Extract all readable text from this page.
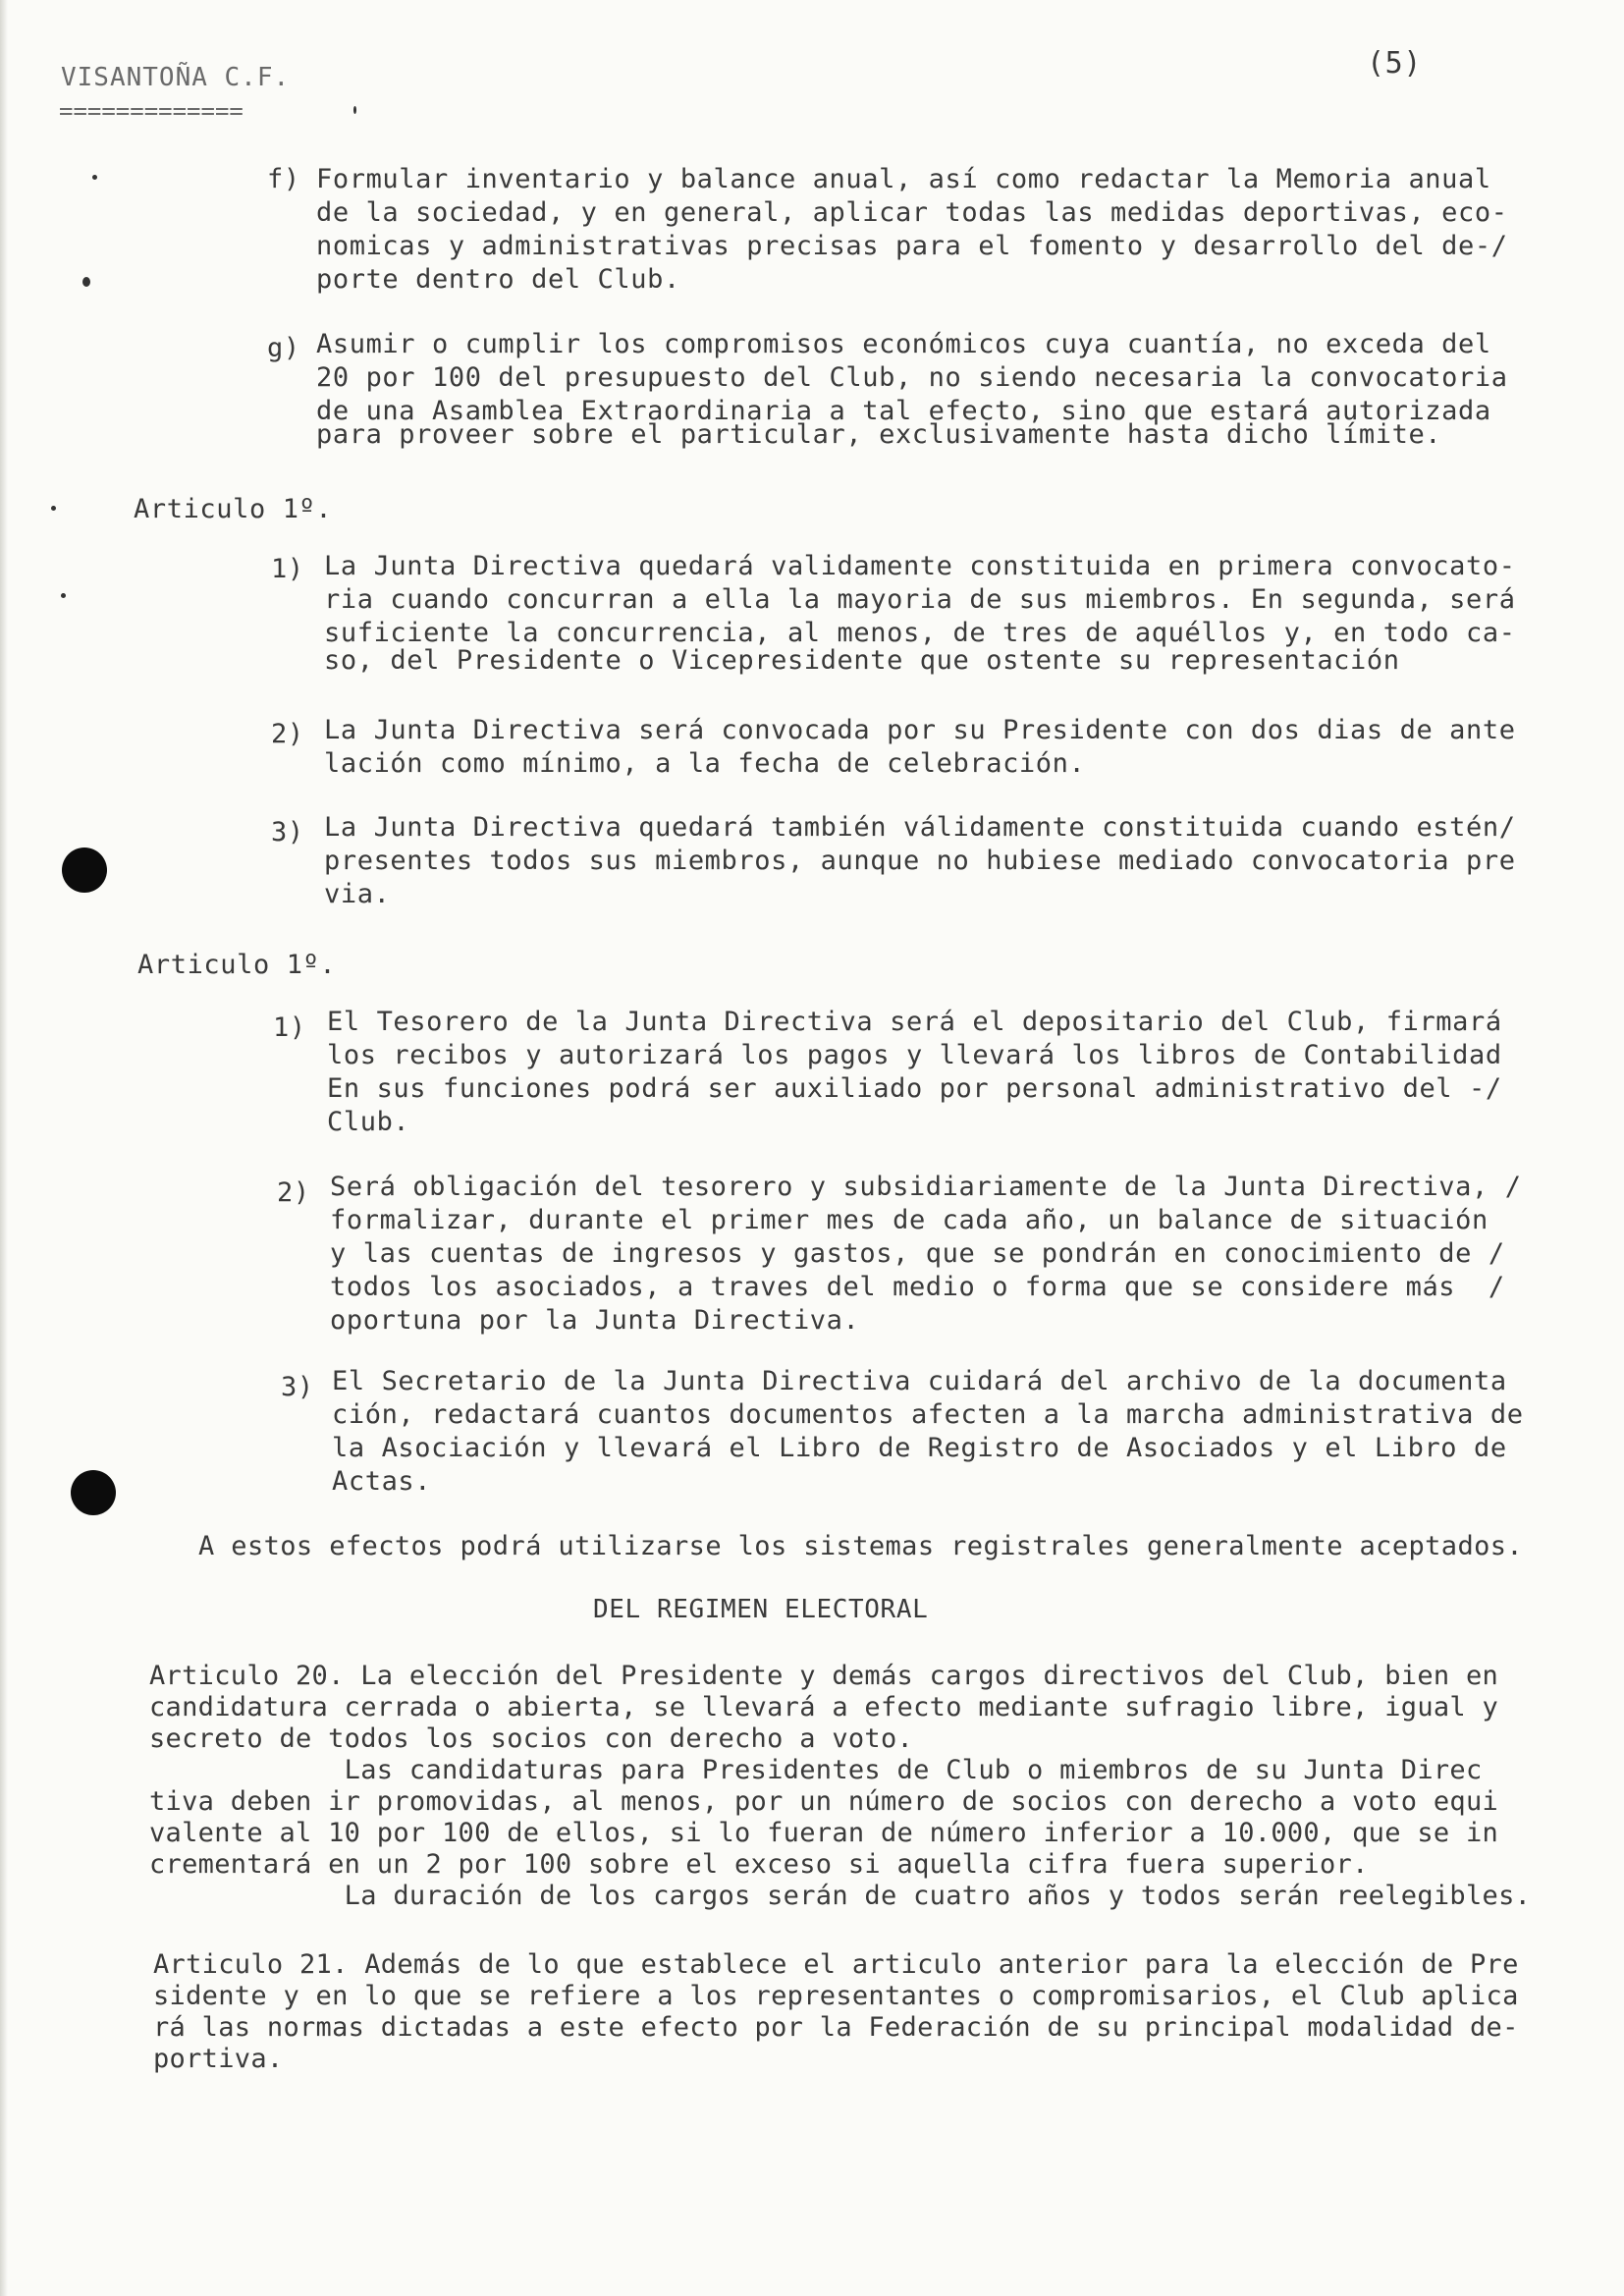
VISANTOÑA C.F.
=============
(5)
f) Formular inventario y balance anual, así como redactar la Memoria anual
de la sociedad, y en general, aplicar todas las medidas deportivas, eco-
nomicas y administrativas precisas para el fomento y desarrollo del de-/
porte dentro del Club.
g) Asumir o cumplir los compromisos económicos cuya cuantía, no exceda del
20 por 100 del presupuesto del Club, no siendo necesaria la convocatoria
de una Asamblea Extraordinaria a tal efecto, sino que estará autorizada
para proveer sobre el particular, exclusivamente hasta dicho límite.
Articulo 1º.
1) La Junta Directiva quedará validamente constituida en primera convocato-
ria cuando concurran a ella la mayoria de sus miembros. En segunda, será
suficiente la concurrencia, al menos, de tres de aquéllos y, en todo ca-
so, del Presidente o Vicepresidente que ostente su representación
2) La Junta Directiva será convocada por su Presidente con dos dias de ante
lación como mínimo, a la fecha de celebración.
3) La Junta Directiva quedará también válidamente constituida cuando estén/
presentes todos sus miembros, aunque no hubiese mediado convocatoria pre
via.
Articulo 1º.
1) El Tesorero de la Junta Directiva será el depositario del Club, firmará
los recibos y autorizará los pagos y llevará los libros de Contabilidad
En sus funciones podrá ser auxiliado por personal administrativo del -/
Club.
2) Será obligación del tesorero y subsidiariamente de la Junta Directiva, /
formalizar, durante el primer mes de cada año, un balance de situación
y las cuentas de ingresos y gastos, que se pondrán en conocimiento de /
todos los asociados, a traves del medio o forma que se considere más  /
oportuna por la Junta Directiva.
3) El Secretario de la Junta Directiva cuidará del archivo de la documenta
ción, redactará cuantos documentos afecten a la marcha administrativa de
la Asociación y llevará el Libro de Registro de Asociados y el Libro de
Actas.
A estos efectos podrá utilizarse los sistemas registrales generalmente aceptados.
DEL REGIMEN ELECTORAL
Articulo 20. La elección del Presidente y demás cargos directivos del Club, bien en
candidatura cerrada o abierta, se llevará a efecto mediante sufragio libre, igual y
secreto de todos los socios con derecho a voto.
Las candidaturas para Presidentes de Club o miembros de su Junta Direc
tiva deben ir promovidas, al menos, por un número de socios con derecho a voto equi
valente al 10 por 100 de ellos, si lo fueran de número inferior a 10.000, que se in
crementará en un 2 por 100 sobre el exceso si aquella cifra fuera superior.
La duración de los cargos serán de cuatro años y todos serán reelegibles.
Articulo 21. Además de lo que establece el articulo anterior para la elección de Pre
sidente y en lo que se refiere a los representantes o compromisarios, el Club aplica
rá las normas dictadas a este efecto por la Federación de su principal modalidad de-
portiva.
